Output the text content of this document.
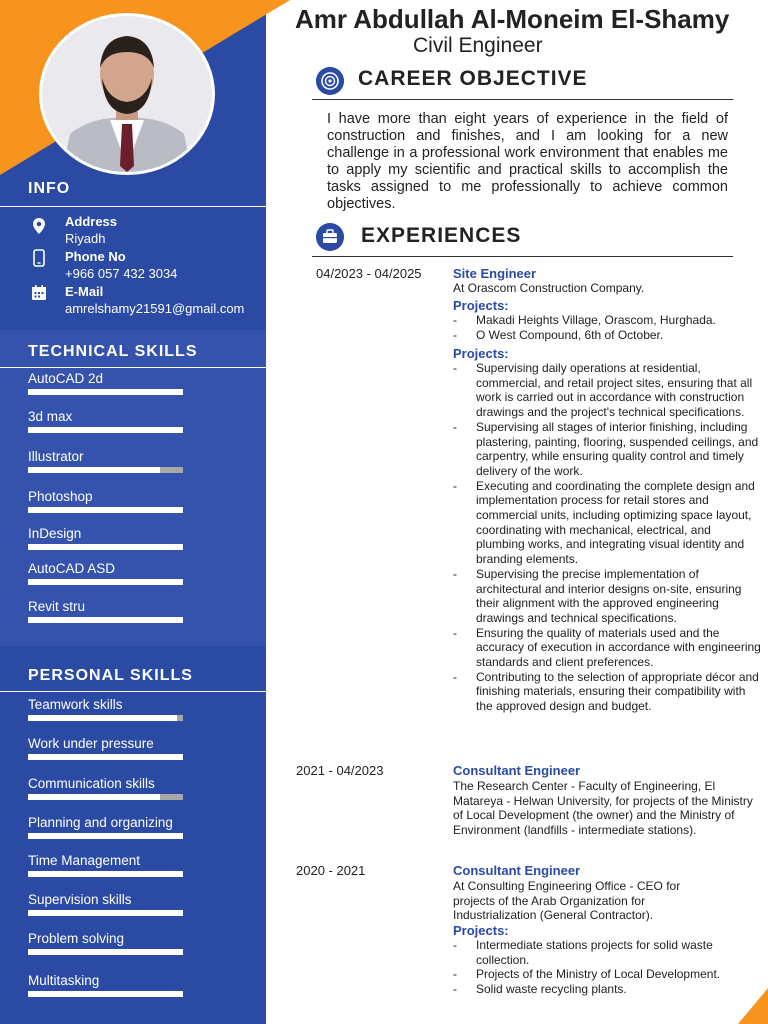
INFO
Address
Riyadh
Phone No
+966 057 432 3034
E-Mail
amrelshamy21591@gmail.com
TECHNICAL SKILLS
AutoCAD 2d
3d max
Illustrator
Photoshop
InDesign
AutoCAD ASD
Revit stru
PERSONAL SKILLS
Teamwork skills
Work under pressure
Communication skills
Planning and organizing
Time Management
Supervision skills
Problem solving
Multitasking
Amr Abdullah Al-Moneim El-Shamy
Civil Engineer
CAREER OBJECTIVE
I have more than eight years of experience in the field of construction and finishes, and I am looking for a new challenge in a professional work environment that enables me to apply my scientific and practical skills to accomplish the tasks assigned to me professionally to achieve common objectives.
EXPERIENCES
04/2023 - 04/2025 Site Engineer
At Orascom Construction Company.
Projects:
- Makadi Heights Village, Orascom, Hurghada.
- O West Compound, 6th of October.
Projects:
- Supervising daily operations at residential, commercial, and retail project sites, ensuring that all work is carried out in accordance with construction drawings and the project's technical specifications.
- Supervising all stages of interior finishing, including plastering, painting, flooring, suspended ceilings, and carpentry, while ensuring quality control and timely delivery of the work.
- Executing and coordinating the complete design and implementation process for retail stores and commercial units, including optimizing space layout, coordinating with mechanical, electrical, and plumbing works, and integrating visual identity and branding elements.
- Supervising the precise implementation of architectural and interior designs on-site, ensuring their alignment with the approved engineering drawings and technical specifications.
- Ensuring the quality of materials used and the accuracy of execution in accordance with engineering standards and client preferences.
- Contributing to the selection of appropriate décor and finishing materials, ensuring their compatibility with the approved design and budget.
2021 - 04/2023	Consultant Engineer
The Research Center - Faculty of Engineering, El Matareya - Helwan University, for projects of the Ministry of Local Development (the owner) and the Ministry of Environment (landfills - intermediate stations).
2020 - 2021	Consultant Engineer
At Consulting Engineering Office - CEO for projects of the Arab Organization for Industrialization (General Contractor).
Projects:
- Intermediate stations projects for solid waste collection.
- Projects of the Ministry of Local Development.
- Solid waste recycling plants.
